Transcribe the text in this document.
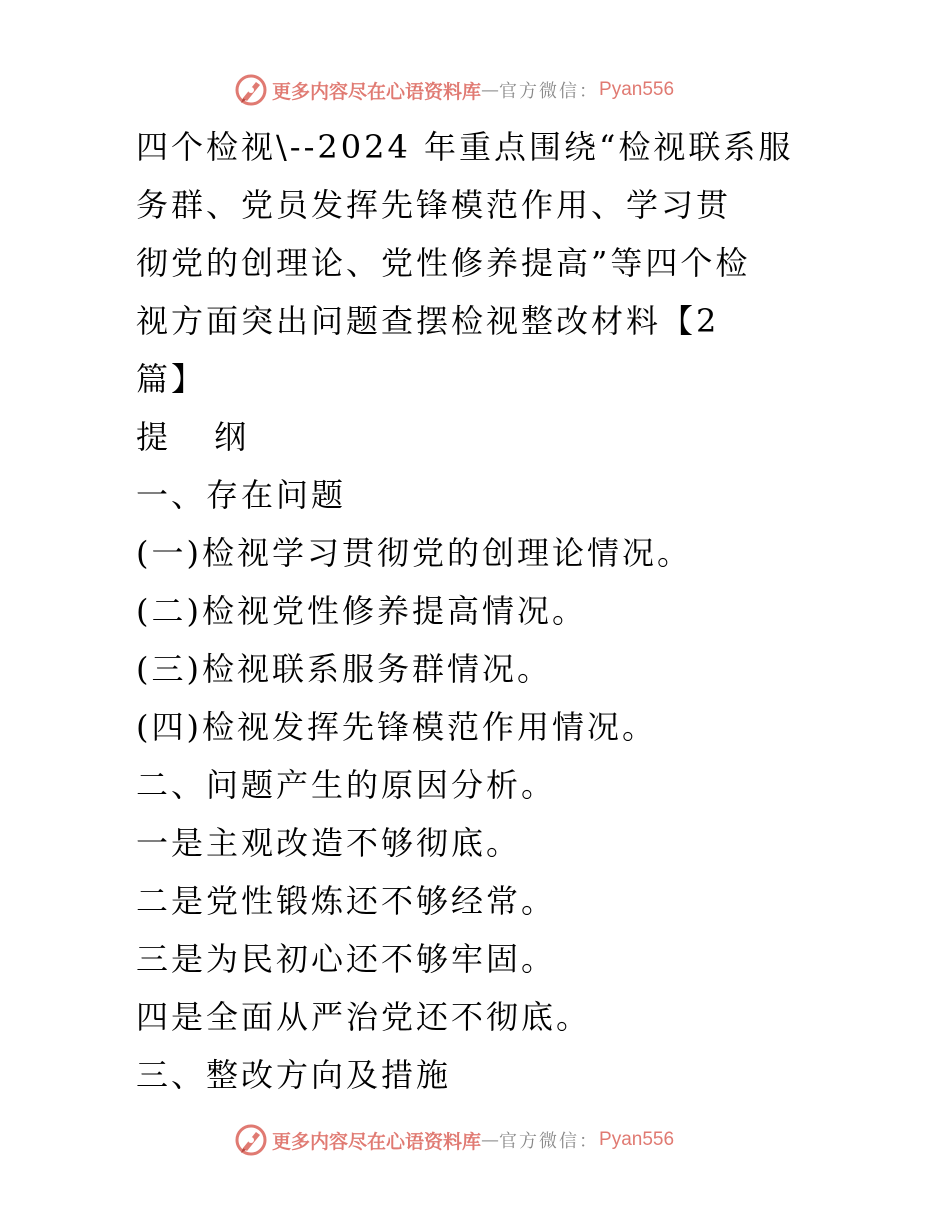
更多内容尽在心语资料库 — 官方微信： Pyan556
四个检视\--2024 年重点围绕“检视联系服
务群、党员发挥先锋模范作用、学习贯
彻党的创理论、党性修养提高”等四个检
视方面突出问题查摆检视整改材料【2
篇】
提 纲
一、存在问题
(一)检视学习贯彻党的创理论情况。
(二)检视党性修养提高情况。
(三)检视联系服务群情况。
(四)检视发挥先锋模范作用情况。
二、问题产生的原因分析。
一是主观改造不够彻底。
二是党性锻炼还不够经常。
三是为民初心还不够牢固。
四是全面从严治党还不彻底。
三、整改方向及措施
更多内容尽在心语资料库 — 官方微信： Pyan556
